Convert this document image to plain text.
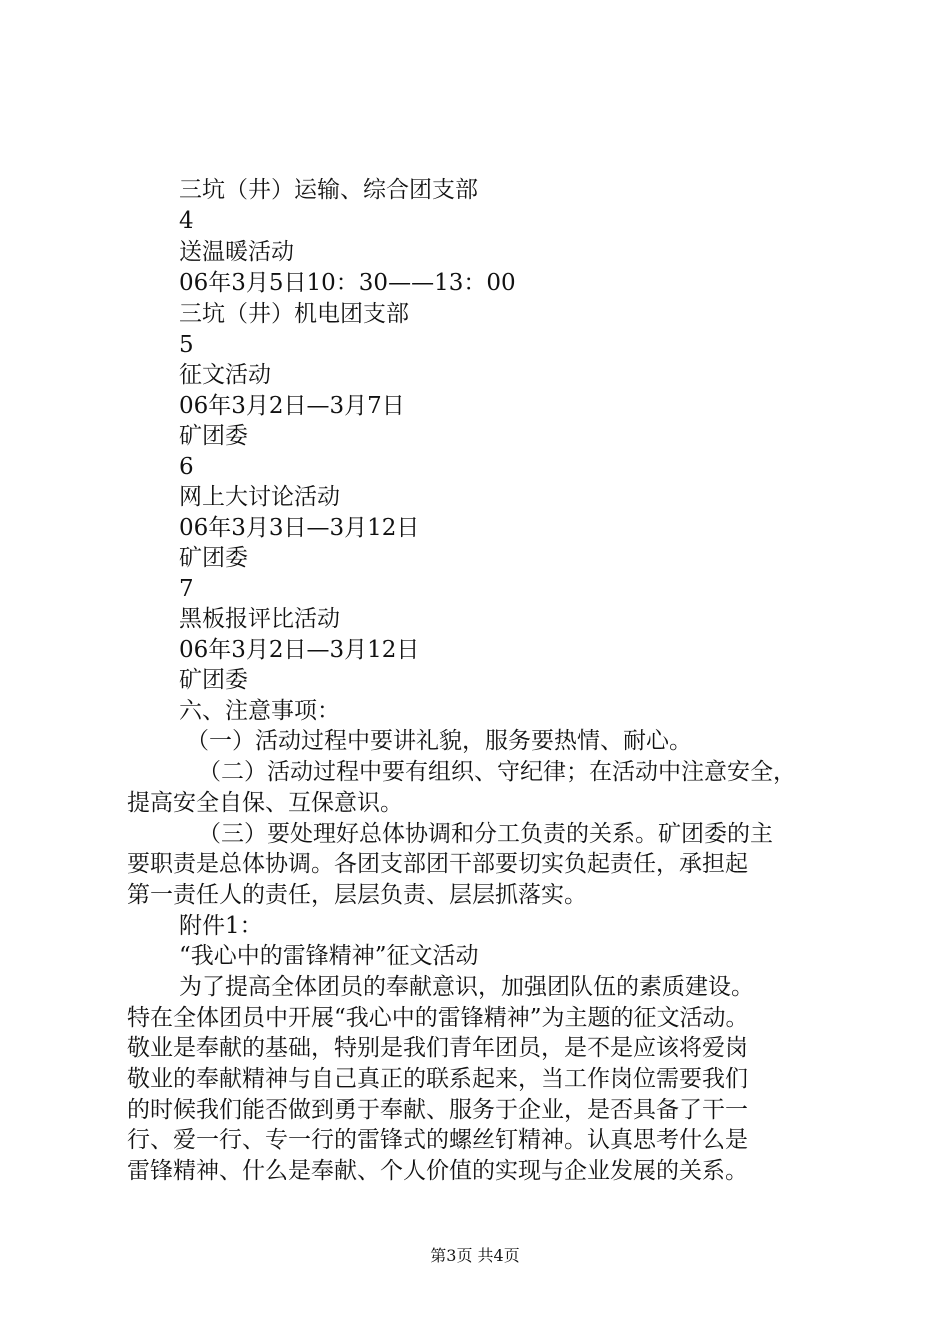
三坑（井）运输、综合团支部
4
送温暖活动
06年3月5日10：30——13：00
三坑（井）机电团支部
5
征文活动
06年3月2日—3月7日
矿团委
6
网上大讨论活动
06年3月3日—3月12日
矿团委
7
黑板报评比活动
06年3月2日—3月12日
矿团委
六、注意事项：
（一）活动过程中要讲礼貌，服务要热情、耐心。
（二）活动过程中要有组织、守纪律；在活动中注意安全，
提高安全自保、互保意识。
（三）要处理好总体协调和分工负责的关系。矿团委的主
要职责是总体协调。各团支部团干部要切实负起责任，承担起
第一责任人的责任，层层负责、层层抓落实。
附件1：
“我心中的雷锋精神”征文活动
为了提高全体团员的奉献意识，加强团队伍的素质建设。
特在全体团员中开展“我心中的雷锋精神”为主题的征文活动。
敬业是奉献的基础，特别是我们青年团员，是不是应该将爱岗
敬业的奉献精神与自己真正的联系起来，当工作岗位需要我们
的时候我们能否做到勇于奉献、服务于企业，是否具备了干一
行、爱一行、专一行的雷锋式的螺丝钉精神。认真思考什么是
雷锋精神、什么是奉献、个人价值的实现与企业发展的关系。
第3页 共4页
